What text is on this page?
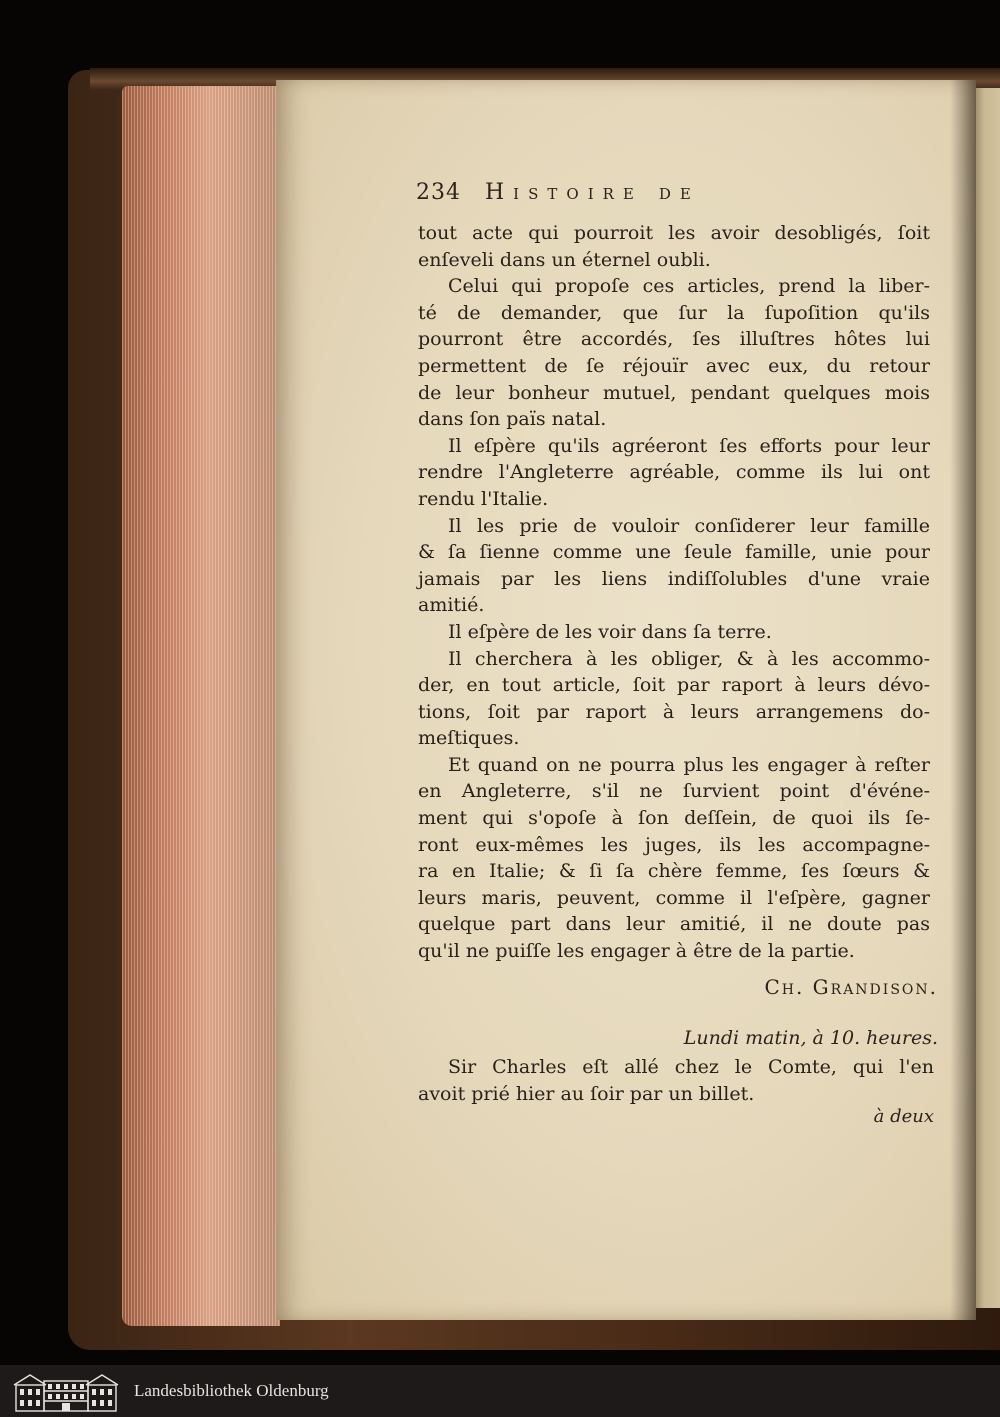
234 Histoire de
tout acte qui pourroit les avoir desobligés, ſoit
enſeveli dans un éternel oubli.
Celui qui propoſe ces articles, prend la liber-
té de demander, que ſur la ſupoſition qu'ils
pourront être accordés, ſes illuſtres hôtes lui
permettent de ſe réjouïr avec eux, du retour
de leur bonheur mutuel, pendant quelques mois
dans ſon païs natal.
Il eſpère qu'ils agréeront ſes efforts pour leur
rendre l'Angleterre agréable, comme ils lui ont
rendu l'Italie.
Il les prie de vouloir conſiderer leur famille
& ſa ſienne comme une ſeule famille, unie pour
jamais par les liens indiſſolubles d'une vraie
amitié.
Il eſpère de les voir dans ſa terre.
Il cherchera à les obliger, & à les accommo-
der, en tout article, ſoit par raport à leurs dévo-
tions, ſoit par raport à leurs arrangemens do-
meſtiques.
Et quand on ne pourra plus les engager à reſter
en Angleterre, s'il ne ſurvient point d'événe-
ment qui s'opoſe à ſon deſſein, de quoi ils ſe-
ront eux-mêmes les juges, ils les accompagne-
ra en Italie; & ſi ſa chère femme, ſes ſœurs &
leurs maris, peuvent, comme il l'eſpère, gagner
quelque part dans leur amitié, il ne doute pas
qu'il ne puiſſe les engager à être de la partie.
Ch. Grandison.
Lundi matin, à 10. heures.
Sir Charles eſt allé chez le Comte, qui l'en
avoit prié hier au ſoir par un billet.
à deux
Landesbibliothek Oldenburg
